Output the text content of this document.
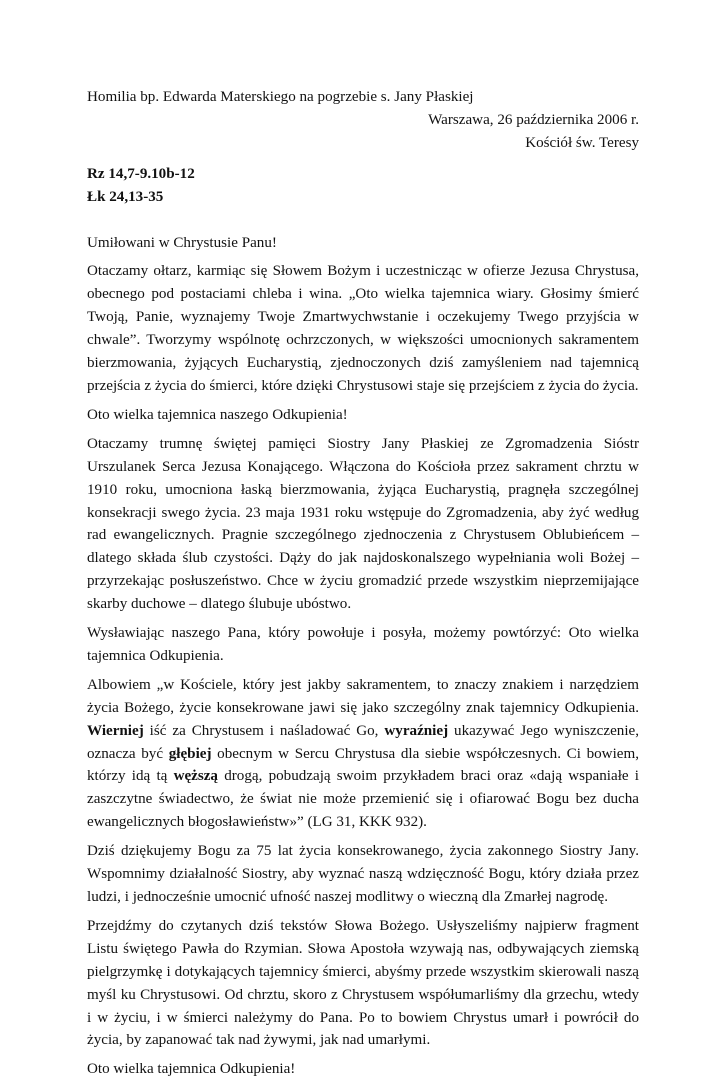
Homilia bp. Edwarda Materskiego na pogrzebie s. Jany Płaskiej

Warszawa, 26 października 2006 r.

Kościół św. Teresy

Rz 14,7-9.10b-12

Łk 24,13-35

Umiłowani w Chrystusie Panu!

Otaczamy ołtarz, karmiąc się Słowem Bożym i uczestnicząc w ofierze Jezusa Chrystusa, obecnego pod postaciami chleba i wina. „Oto wielka tajemnica wiary. Głosimy śmierć Twoją, Panie, wyznajemy Twoje Zmartwychwstanie i oczekujemy Twego przyjścia w chwale”. Tworzymy wspólnotę ochrzczonych, w większości umocnionych sakramentem bierzmowania, żyjących Eucharystią, zjednoczonych dziś zamyśleniem nad tajemnicą przejścia z życia do śmierci, które dzięki Chrystusowi staje się przejściem z życia do życia.

Oto wielka tajemnica naszego Odkupienia!

Otaczamy trumnę świętej pamięci Siostry Jany Płaskiej ze Zgromadzenia Sióstr Urszulanek Serca Jezusa Konającego. Włączona do Kościoła przez sakrament chrztu w 1910 roku, umocniona łaską bierzmowania, żyjąca Eucharystią, pragnęła szczególnej konsekracji swego życia. 23 maja 1931 roku wstępuje do Zgromadzenia, aby żyć według rad ewangelicznych. Pragnie szczególnego zjednoczenia z Chrystusem Oblubieńcem – dlatego składa ślub czystości. Dąży do jak najdoskonalszego wypełniania woli Bożej – przyrzekając posłuszeństwo. Chce w życiu gromadzić przede wszystkim nieprzemijające skarby duchowe – dlatego ślubuje ubóstwo.

Wysławiając naszego Pana, który powołuje i posyła, możemy powtórzyć: Oto wielka tajemnica Odkupienia.

Albowiem „w Kościele, który jest jakby sakramentem, to znaczy znakiem i narzędziem życia Bożego, życie konsekrowane jawi się jako szczególny znak tajemnicy Odkupienia. Wierniej iść za Chrystusem i naśladować Go, wyraźniej ukazywać Jego wyniszczenie, oznacza być głębiej obecnym w Sercu Chrystusa dla siebie współczesnych. Ci bowiem, którzy idą tą węższą drogą, pobudzają swoim przykładem braci oraz «dają wspaniałe i zaszczytne świadectwo, że świat nie może przemienić się i ofiarować Bogu bez ducha ewangelicznych błogosławieństw»” (LG 31, KKK 932).

Dziś dziękujemy Bogu za 75 lat życia konsekrowanego, życia zakonnego Siostry Jany. Wspomnimy działalność Siostry, aby wyznać naszą wdzięczność Bogu, który działa przez ludzi, i jednocześnie umocnić ufność naszej modlitwy o wieczną dla Zmarłej nagrodę.

Przejdźmy do czytanych dziś tekstów Słowa Bożego. Usłyszeliśmy najpierw fragment Listu świętego Pawła do Rzymian. Słowa Apostoła wzywają nas, odbywających ziemską pielgrzymkę i dotykających tajemnicy śmierci, abyśmy przede wszystkim skierowali naszą myśl ku Chrystusowi. Od chrztu, skoro z Chrystusem współumarliśmy dla grzechu, wtedy i w życiu, i w śmierci należymy do Pana. Po to bowiem Chrystus umarł i powrócił do życia, by zapanować tak nad żywymi, jak nad umarłymi.

Oto wielka tajemnica Odkupienia!
